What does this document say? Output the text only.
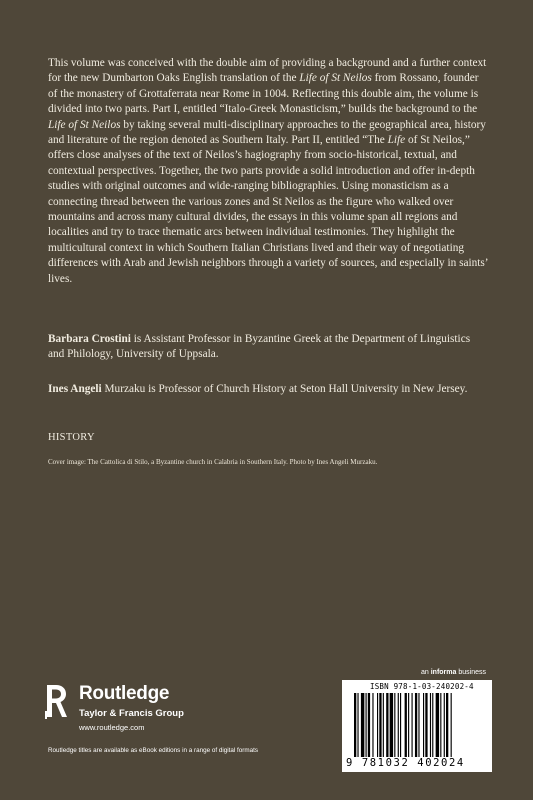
This volume was conceived with the double aim of providing a background and a further context for the new Dumbarton Oaks English translation of the Life of St Neilos from Rossano, founder of the monastery of Grottaferrata near Rome in 1004. Reflecting this double aim, the volume is divided into two parts. Part I, entitled “Italo-Greek Monasticism,” builds the background to the Life of St Neilos by taking several multi-disciplinary approaches to the geographical area, history and literature of the region denoted as Southern Italy. Part II, entitled “The Life of St Neilos,” offers close analyses of the text of Neilos’s hagiography from socio-historical, textual, and contextual perspectives. Together, the two parts provide a solid introduction and offer in-depth studies with original outcomes and wide-ranging bibliographies. Using monasticism as a connecting thread between the various zones and St Neilos as the figure who walked over mountains and across many cultural divides, the essays in this volume span all regions and localities and try to trace thematic arcs between individual testimonies. They highlight the multicultural context in which Southern Italian Christians lived and their way of negotiating differences with Arab and Jewish neighbors through a variety of sources, and especially in saints’ lives.

Barbara Crostini is Assistant Professor in Byzantine Greek at the Department of Linguistics and Philology, University of Uppsala.

Ines Angeli Murzaku is Professor of Church History at Seton Hall University in New Jersey.

HISTORY

Cover image: The Cattolica di Stilo, a Byzantine church in Calabria in Southern Italy. Photo by Ines Angeli Murzaku.

an informa business
Routledge
Taylor & Francis Group
www.routledge.com
Routledge titles are available as eBook editions in a range of digital formats
ISBN 978-1-03-240202-4
9 781032 402024
